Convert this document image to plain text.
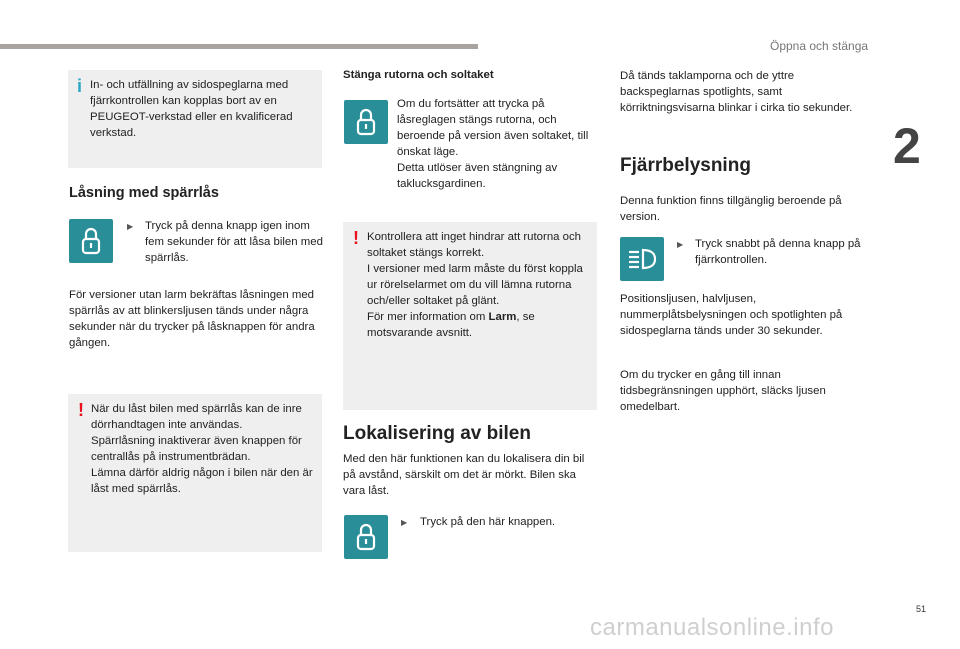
Öppna och stänga
2
i In- och utfällning av sidospeglarna med fjärrkontrollen kan kopplas bort av en PEUGEOT-verkstad eller en kvalificerad verkstad.

Låsning med spärrlås
▶ Tryck på denna knapp igen inom fem sekunder för att låsa bilen med spärrlås.

För versioner utan larm bekräftas låsningen med spärrlås av att blinkersljusen tänds under några sekunder när du trycker på låsknappen för andra gången.

! När du låst bilen med spärrlås kan de inre dörrhandtagen inte användas.

Spärrlåsning inaktiverar även knappen för centrallås på instrumentbrädan.

Lämna därför aldrig någon i bilen när den är låst med spärrlås.

Stänga rutorna och soltaket

Om du fortsätter att trycka på låsreglagen stängs rutorna, och beroende på version även soltaket, till önskat läge.

Detta utlöser även stängning av taklucksgardinen.

! Kontrollera att inget hindrar att rutorna och soltaket stängs korrekt.

I versioner med larm måste du först koppla ur rörelselarmet om du vill lämna rutorna och/eller soltaket på glänt.

För mer information om Larm, se motsvarande avsnitt.

Lokalisering av bilen

Med den här funktionen kan du lokalisera din bil på avstånd, särskilt om det är mörkt. Bilen ska vara låst.

▶ Tryck på den här knappen.

Då tänds taklamporna och de yttre backspeglarnas spotlights, samt körriktningsvisarna blinkar i cirka tio sekunder.

Fjärrbelysning

Denna funktion finns tillgänglig beroende på version.

▶ Tryck snabbt på denna knapp på fjärrkontrollen.

Positionsljusen, halvljusen, nummerplåtsbelysningen och spotlighten på sidospeglarna tänds under 30 sekunder.

Om du trycker en gång till innan tidsbegränsningen upphört, släcks ljusen omedelbart.

51
carmanualsonline.info
